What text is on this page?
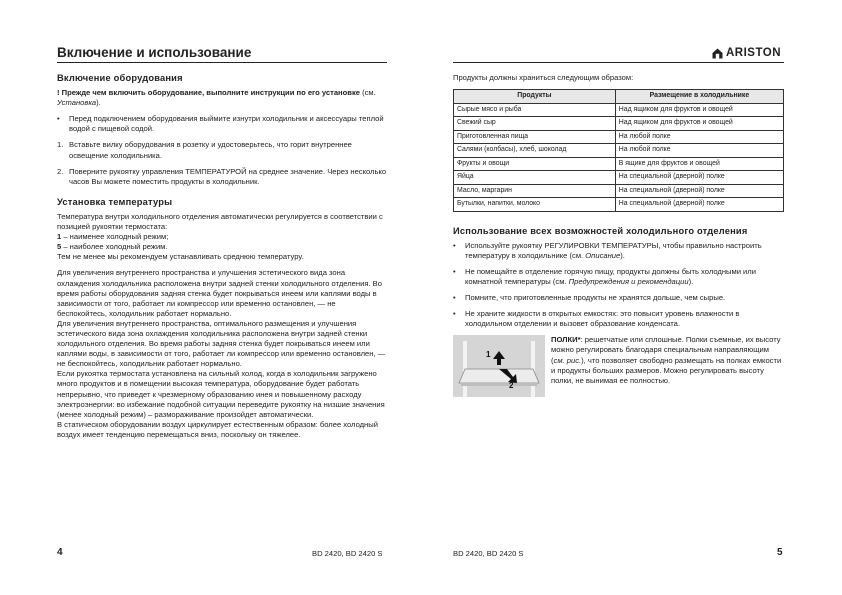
Включение и использование	ARISTON
Включение оборудования

! Прежде чем включить оборудование, выполните инструкции по его установке (см. Установка).

•	Перед подключением оборудования выймите изнутри холодильник и аксессуары теплой водой с пищевой содой.
1. Вставьте вилку оборудования в розетку и удостоверьтесь, что горит внутреннее освещение холодильника.
2. Поверните рукоятку управления ТЕМПЕРАТУРОЙ на среднее значение. Через несколько часов Вы можете поместить продукты в холодильник.
Установка температуры

Температура внутри холодильного отделения автоматически регулируется в соответствии с позицией рукоятки термостата:

1 – наименее холодный режим;

5 – наиболее холодный режим.

Тем не менее мы рекомендуем устанавливать среднюю температуру.

Для увеличения внутреннего пространства и улучшения эстетического вида зона охлаждения холодильника расположена внутри задней стенки холодильного отделения. Во время работы оборудования задняя стенка будет покрываться инеем или каплями воды в зависимости от того, работает ли компрессор или временно остановлен, — не беспокойтесь, холодильник работает нормально.

Для увеличения внутреннего пространства, оптимального размещения и улучшения эстетического вида зона охлаждения холодильника расположена внутри задней стенки холодильного отделения. Во время работы задняя стенка будет покрываться инеем или каплями воды, в зависимости от того, работает ли компрессор или временно остановлен, — не беспокойтесь, холодильник работает нормально.

Если рукоятка термостата установлена на сильный холод, когда в холодильник загружено много продуктов и в помещении высокая температура, оборудование будет работать непрерывно, что приведет к чрезмерному образованию инея и повышенному расходу электроэнергии: во избежание подобной ситуации переведите рукоятку на низшие значения (менее холодный режим) – размораживание произойдет автоматически.

В статическом оборудовании воздух циркулирует естественным образом: более холодный воздух имеет тенденцию перемещаться вниз, поскольку он тяжелее.

Продукты должны храниться следующим образом:

Продукты	Размещение в холодильнике
Сырые мясо и рыба	Над ящиком для фруктов и овощей
Свежий сыр	Над ящиком для фруктов и овощей
Приготовленная пища	На любой полке
Салями (колбасы), хлеб, шоколад	На любой полке
Фрукты и овощи	В ящике для фруктов и овощей
Яйца	На специальной (дверной) полке
Масло, маргарин	На специальной (дверной) полке
Бутылки, напитки, молоко	На специальной (дверной) полке
Использование всех возможностей холодильного отделения
•	Используйте рукоятку РЕГУЛИРОВКИ ТЕМПЕРАТУРЫ, чтобы правильно настроить температуру в холодильнике (см. Описание).
•	Не помещайте в отделение горячую пищу, продукты должны быть холодными или комнатной температуры (см. Предупреждения и рекомендации).
•	Помните, что приготовленные продукты не хранятся дольше, чем сырые.
•	Не храните жидкости в открытых емкостях: это повысит уровень влажности в холодильном отделении и вызовет образование конденсата.
1
2

ПОЛКИ*: решетчатые или сплошные. Полки съемные, их высоту можно регулировать благодаря специальным направляющим (см. рис.), что позволяет свободно размещать на полках емкости и продукты больших размеров. Можно регулировать высоту полки, не вынимая ее полностью.

4	BD 2420, BD 2420 S	BD 2420, BD 2420 S	5
